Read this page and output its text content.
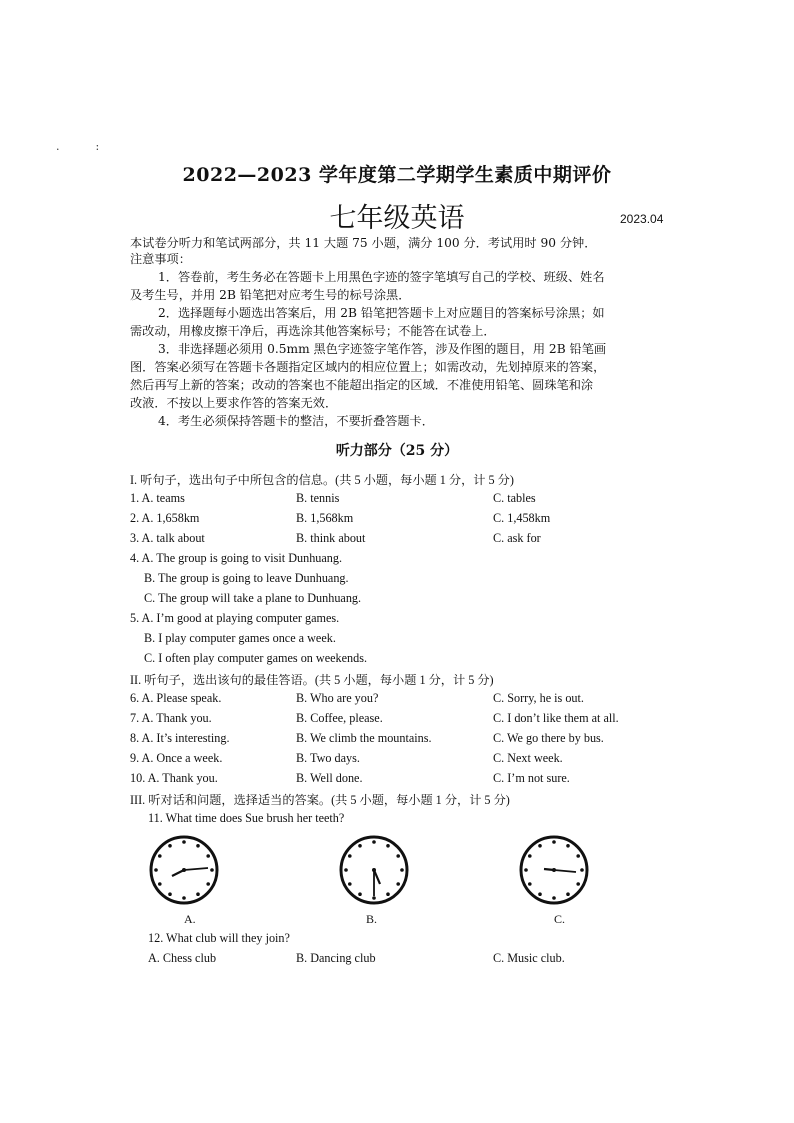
.	:
2022—2023 学年度第二学期学生素质中期评价
七年级英语	2023.04
本试卷分听力和笔试两部分，共 11 大题 75 小题，满分 100 分．考试用时 90 分钟．
注意事项：
1．答卷前，考生务必在答题卡上用黑色字迹的签字笔填写自己的学校、班级、姓名
及考生号，并用 2B 铅笔把对应考生号的标号涂黑．
2．选择题每小题选出答案后，用 2B 铅笔把答题卡上对应题目的答案标号涂黑；如
需改动，用橡皮擦干净后，再选涂其他答案标号；不能答在试卷上．
3．非选择题必须用 0.5mm 黑色字迹签字笔作答，涉及作图的题目，用 2B 铅笔画
图．答案必须写在答题卡各题指定区域内的相应位置上；如需改动，先划掉原来的答案，
然后再写上新的答案；改动的答案也不能超出指定的区域．不准使用铅笔、圆珠笔和涂
改液．不按以上要求作答的答案无效．
4．考生必须保持答题卡的整洁，不要折叠答题卡．
听力部分（25 分）
I. 听句子，选出句子中所包含的信息。(共 5 小题，每小题 1 分，计 5 分)
1. A. teams	B. tennis	C. tables
2. A. 1,658km	B. 1,568km	C. 1,458km
3. A. talk about	B. think about	C. ask for
4. A. The group is going to visit Dunhuang.
B. The group is going to leave Dunhuang.
C. The group will take a plane to Dunhuang.
5. A. I’m good at playing computer games.
B. I play computer games once a week.
C. I often play computer games on weekends.
II. 听句子，选出该句的最佳答语。(共 5 小题，每小题 1 分，计 5 分)
6. A. Please speak.	B. Who are you?	C. Sorry, he is out.
7. A. Thank you.	B. Coffee, please.	C. I don’t like them at all.
8. A. It’s interesting.	B. We climb the mountains.	C. We go there by bus.
9. A. Once a week.	B. Two days.	C. Next week.
10. A. Thank you.	B. Well done.	C. I’m not sure.
III. 听对话和问题，选择适当的答案。(共 5 小题，每小题 1 分，计 5 分)
11. What time does Sue brush her teeth?
A.	B.	C.
12. What club will they join?
A. Chess club	B. Dancing club	C. Music club.
